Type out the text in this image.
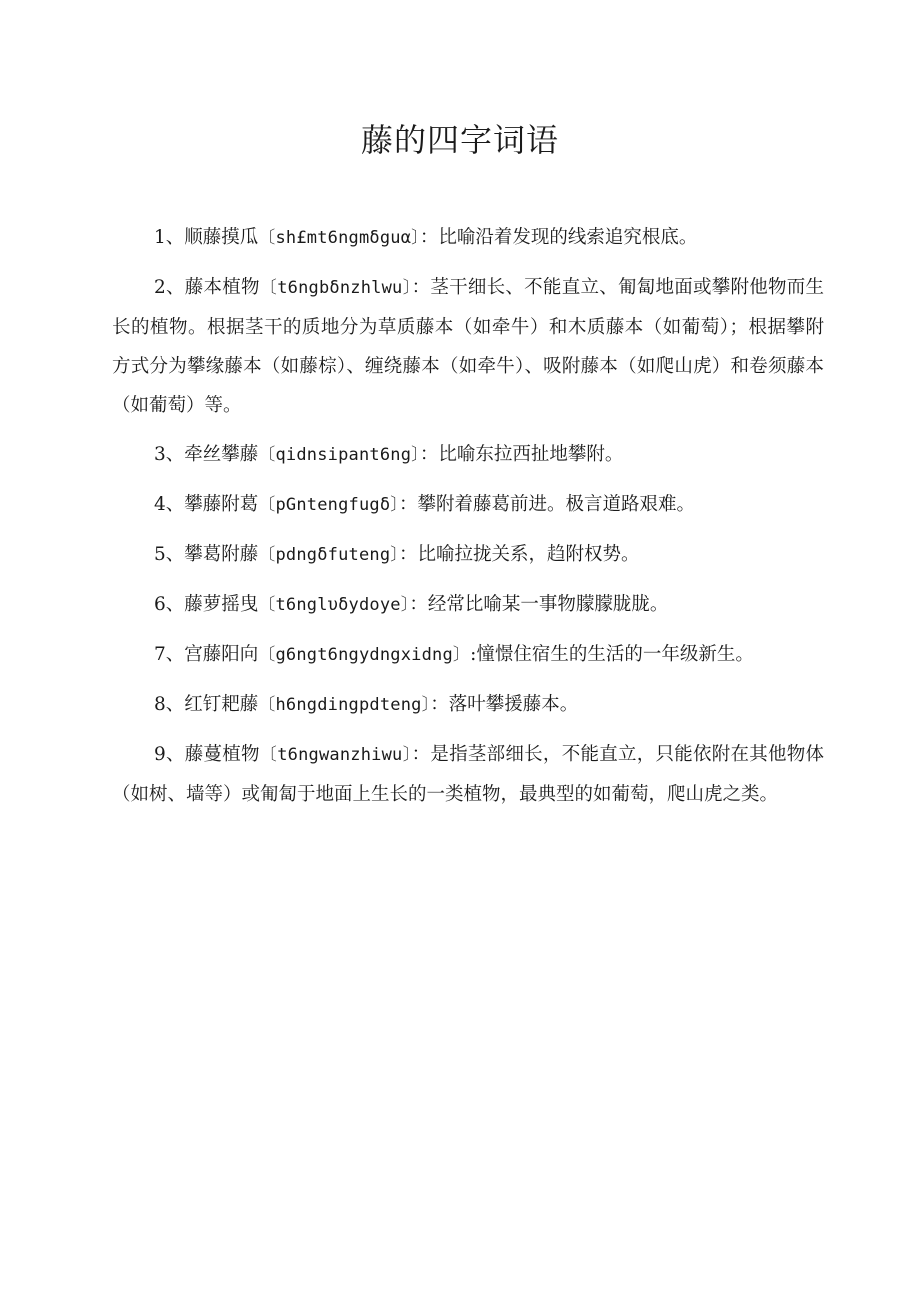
藤的四字词语

1、顺藤摸瓜〔sh£mt6ngmδguα〕：比喻沿着发现的线索追究根底。

2、藤本植物〔t6ngbδnzhlwu〕：茎干细长、不能直立、匍匐地面或攀附他物而生长的植物。根据茎干的质地分为草质藤本（如牵牛）和木质藤本（如葡萄）；根据攀附方式分为攀缘藤本（如藤棕）、缠绕藤本（如牵牛）、吸附藤本（如爬山虎）和卷须藤本（如葡萄）等。

3、牵丝攀藤〔qidnsipant6ng〕：比喻东拉西扯地攀附。

4、攀藤附葛〔pGntengfugδ〕：攀附着藤葛前进。极言道路艰难。

5、攀葛附藤〔pdngδfuteng〕：比喻拉拢关系，趋附权势。

6、藤萝摇曳〔t6nglυδydoye〕：经常比喻某一事物朦朦胧胧。

7、宫藤阳向〔g6ngt6ngydngxidng〕:憧憬住宿生的生活的一年级新生。

8、红钉耙藤〔h6ngdingpdteng〕：落叶攀援藤本。

9、藤蔓植物〔t6ngwanzhiwu〕：是指茎部细长，不能直立，只能依附在其他物体（如树、墙等）或匍匐于地面上生长的一类植物，最典型的如葡萄，爬山虎之类。
